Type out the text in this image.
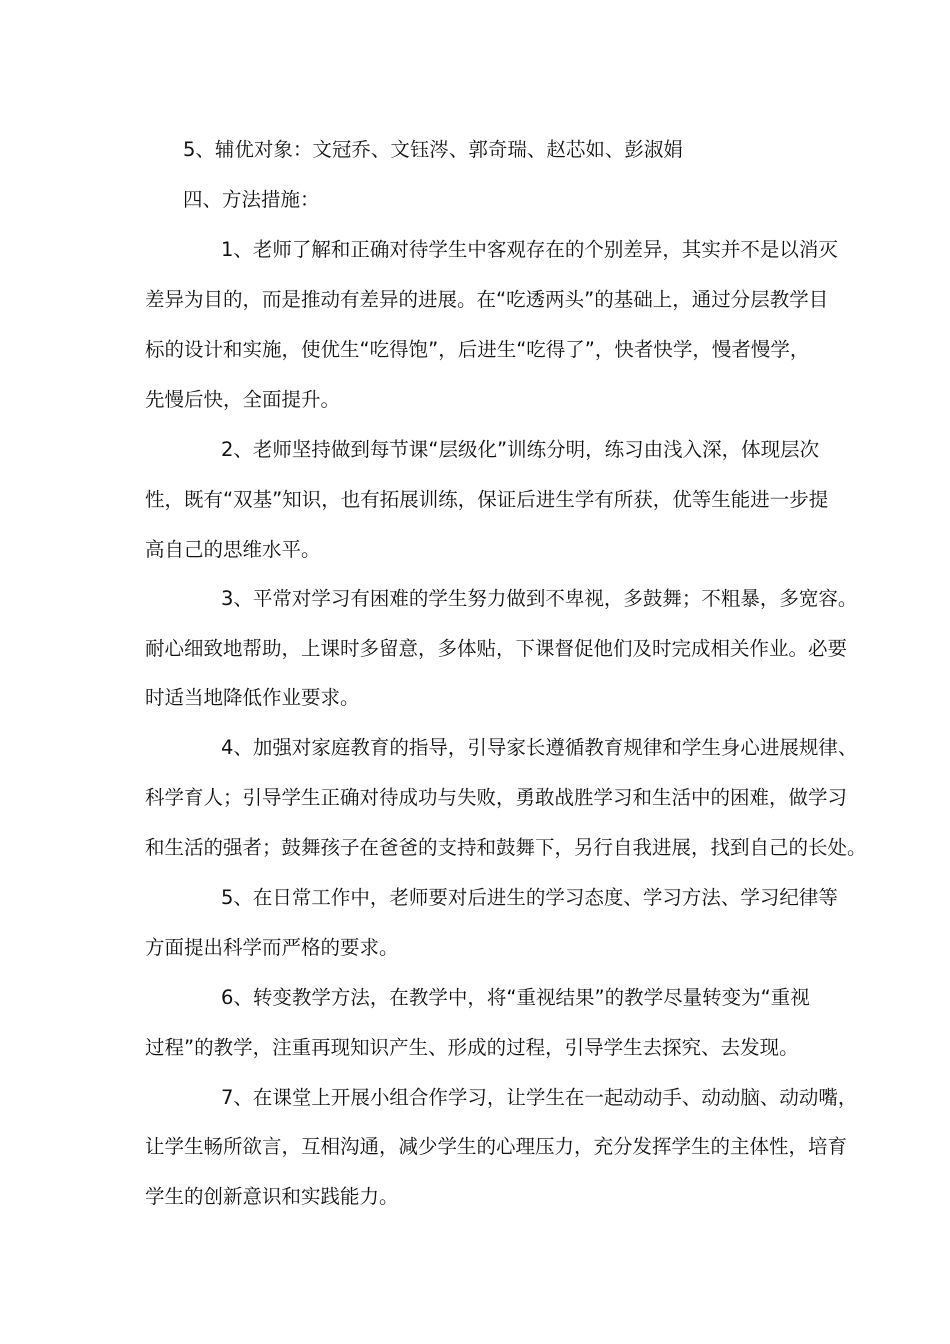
5、辅优对象：文冠乔、文钰涔、郭奇瑞、赵芯如、彭淑娟
四、方法措施：
1、老师了解和正确对待学生中客观存在的个别差异，其实并不是以消灭
差异为目的，而是推动有差异的进展。在“吃透两头”的基础上，通过分层教学目
标的设计和实施，使优生“吃得饱”，后进生“吃得了”，快者快学，慢者慢学，
先慢后快，全面提升。
2、老师坚持做到每节课“层级化”训练分明，练习由浅入深，体现层次
性，既有“双基”知识，也有拓展训练，保证后进生学有所获，优等生能进一步提
高自己的思维水平。
3、平常对学习有困难的学生努力做到不卑视，多鼓舞；不粗暴，多宽容。
耐心细致地帮助，上课时多留意，多体贴，下课督促他们及时完成相关作业。必要
时适当地降低作业要求。
4、加强对家庭教育的指导，引导家长遵循教育规律和学生身心进展规律、
科学育人；引导学生正确对待成功与失败，勇敢战胜学习和生活中的困难，做学习
和生活的强者；鼓舞孩子在爸爸的支持和鼓舞下，另行自我进展，找到自己的长处。
5、在日常工作中，老师要对后进生的学习态度、学习方法、学习纪律等
方面提出科学而严格的要求。
6、转变教学方法，在教学中，将“重视结果”的教学尽量转变为“重视
过程”的教学，注重再现知识产生、形成的过程，引导学生去探究、去发现。
7、在课堂上开展小组合作学习，让学生在一起动动手、动动脑、动动嘴，
让学生畅所欲言，互相沟通，减少学生的心理压力，充分发挥学生的主体性，培育
学生的创新意识和实践能力。
